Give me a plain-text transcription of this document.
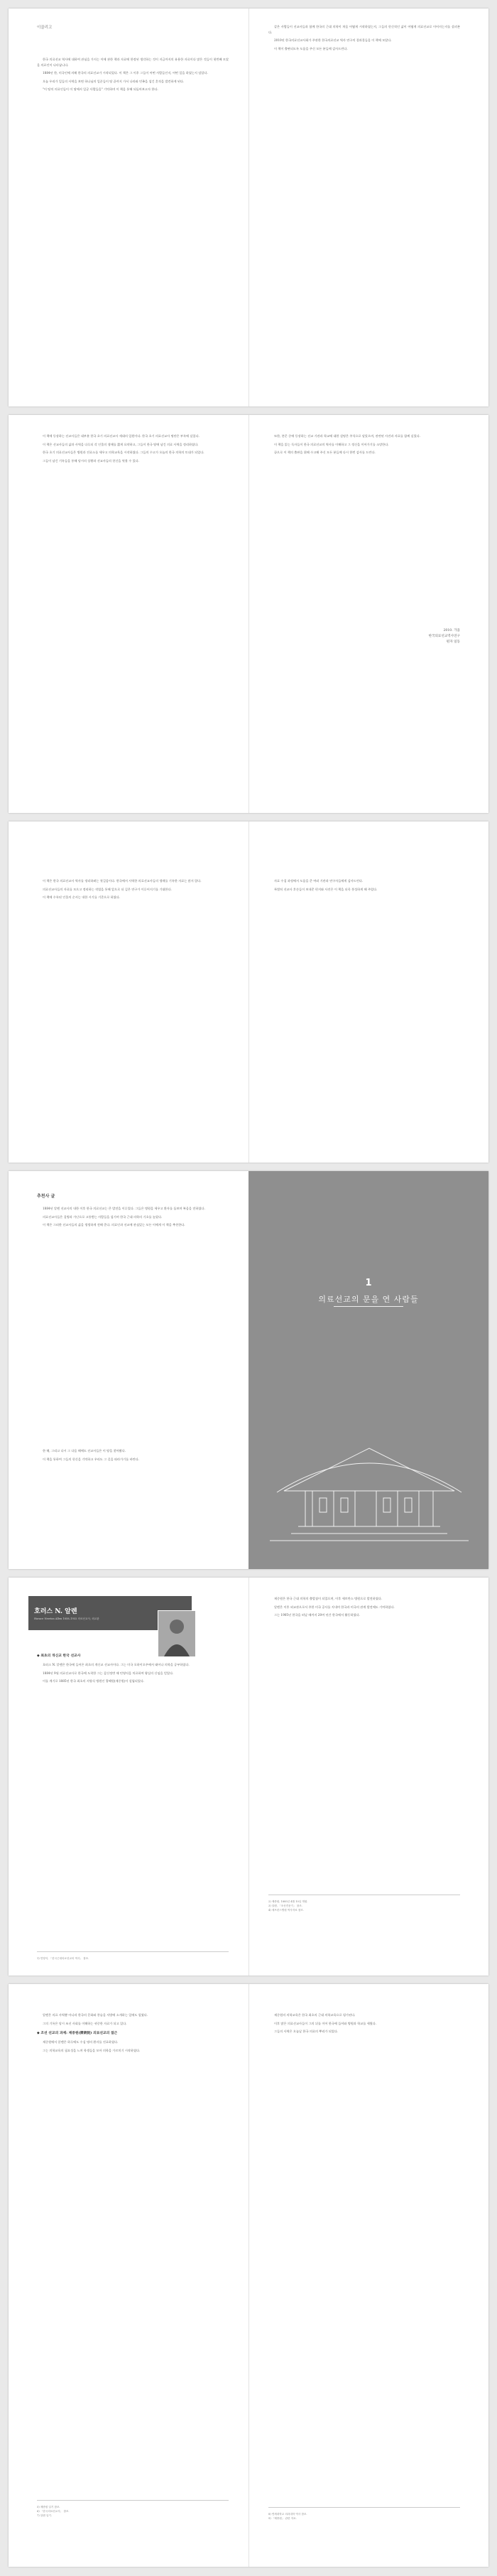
이끌리고

한국 의료선교 역사에 대하여 관심을 가지는 이에 관한 책과 자료에 한정된 생각하는 것이 지금까지의 유용한 자료이다 많은 것들이 첫번째 모았을 의료인이 나타납니다.

1884년 한, 미국인에 의해 한국의 의료선교가 시작되었다. 이 책은 그 이후 그들이 어떤 사람들인지, 어떤 일을 하였는지 담았다.

오늘 우리가 일들의 사역을 보면 하나님의 일꾼들이 땅 끝까지 가서 나라와 민족을 섬긴 흔적을 발견하게 된다.

"이 땅의 의료인들이 이 땅에서 일군 사람들을" 기억하며 이 책을 통해 되돌아보고자 한다.

같은 사람들이 선교사들과 함께 한국의 근대 의학이 처음 어떻게 시작하였는지, 그들의 헌신적인 삶이 어떻게 의료선교로 이어지는지를 살펴본다.

2010년 한국의료선교사회가 주관한 한국의료선교 역사 연구의 결과물들을 이 책에 모았다.

이 책이 출판되도록 도움을 주신 모든 분들께 감사드린다.

이 책에 등장하는 선교사들은 대부분 한국 초기 의료선교사 세대의 일원이다. 한국 초기 의료선교사 명단은 부록에 실었다.

이 책은 선교사들의 삶과 사역을 다루되 각 인물의 생애를 짧게 요약하고, 그들이 한국 땅에 남긴 의료 사역을 정리하였다.

한국 초기 의료선교사들은 병원과 진료소를 세우고 의학교육을 시작하였다. 그들의 수고가 오늘의 한국 의학의 토대가 되었다.

그들이 남긴 기록들을 통해 당시의 상황과 선교사들의 헌신을 엿볼 수 있다.

또한, 본문 중에 등장하는 선교 기관과 학교에 대한 설명은 주석으로 달았으며, 관련된 사진과 자료를 함께 실었다.

이 책을 읽는 독자들이 한국 의료선교의 역사를 이해하고 그 정신을 이어가기를 소망한다.

끝으로 이 책의 출판을 위해 수고해 주신 모든 분들께 다시 한번 감사를 드린다.

2010. 가을
한국의료선교역사연구
편자 일동

이 책은 한국 의료선교사 역사를 정리하려는 첫걸음이다. 한국에서 사역한 의료선교사들의 생애를 기록한 자료는 많지 않다.

의료선교사들의 자료를 모으고 정리하는 작업을 통해 앞으로 더 깊은 연구가 이루어지기를 기대한다.

이 책에 수록된 인물의 순서는 내한 시기를 기준으로 하였다.

자료 수집 과정에서 도움을 준 여러 기관과 연구자들에게 감사드린다.

특별히 선교사 후손들이 보내준 편지와 사진은 이 책을 더욱 풍성하게 해 주었다.

추천사 글

1884년 알렌 선교사의 내한 이후 한국 의료선교는 큰 발전을 이루었다. 그들은 병원을 세우고 환자를 돌보며 복음을 전하였다.

의료선교사들은 질병과 가난으로 고통받는 사람들을 섬기며 한국 근대 의학의 기초를 놓았다.

이 책은 그러한 선교사들의 삶을 생생하게 전해 준다. 의료인과 선교에 관심있는 모든 이에게 이 책을 추천한다.

한 해, 그리고 다시 그 다음 해에도 선교사들은 이 땅을 찾아왔다.

이 책을 통하여 그들의 헌신을 기억하고 우리도 그 길을 따라가기를 바란다.

1
의료선교의 문을 연 사람들
호러스 N. 알렌
Horace Newton Allen 1858–1932 의료선교사, 외교관
◆ 최초의 개신교 한국 선교사

호러스 N. 알렌은 한국에 들어온 최초의 개신교 선교사이다. 그는 미국 오하이오주에서 태어나 의학을 공부하였다.

1884년 9월 의료선교사로 한국에 도착한 그는 갑신정변 때 민영익을 치료하여 왕실의 신임을 얻었다.

이를 계기로 1885년 한국 최초의 서양식 병원인 광혜원(제중원)이 설립되었다.

1) 민영익, 「한국근대의료선교의 역사」 참조.

제중원은 한국 근대 의학의 출발점이 되었으며, 이후 세브란스 병원으로 발전하였다.

알렌은 이후 외교관으로서 주한 미국 공사를 지내며 한국과 미국의 관계 발전에도 기여하였다.

그는 1905년 한국을 떠날 때까지 20여 년간 한국에서 활동하였다.

2) 제중원, 1885년 4월 10일 개원.

3) 알렌, 「조선견문기」 참조.

4) 세브란스병원 역사자료 참조.

알렌은 의료 사역뿐 아니라 한국의 문화와 풍습을 서방에 소개하는 일에도 힘썼다.

그의 기록은 당시 조선 사회를 이해하는 귀중한 자료가 되고 있다.

◆ 조선 선교의 과제: 제중원(濟衆院) 의료선교의 접근

제중원에서 알렌은 하루에도 수십 명의 환자를 진료하였다.

그는 의학교육의 필요성을 느껴 학생들을 모아 의학을 가르치기 시작하였다.

5) 제중원 일기 참조.

6) 「한국의료선교사」 참조.

7) 알렌 일기.

제중원의 의학교육은 한국 최초의 근대 의학교육으로 평가된다.

이후 많은 의료선교사들이 그의 뒤를 이어 한국에 들어와 병원과 학교를 세웠다.

그들의 사역은 오늘날 한국 의료의 뿌리가 되었다.

8) 연세대학교 의과대학 역사 참조.

9) 「제중원」 관련 자료.
